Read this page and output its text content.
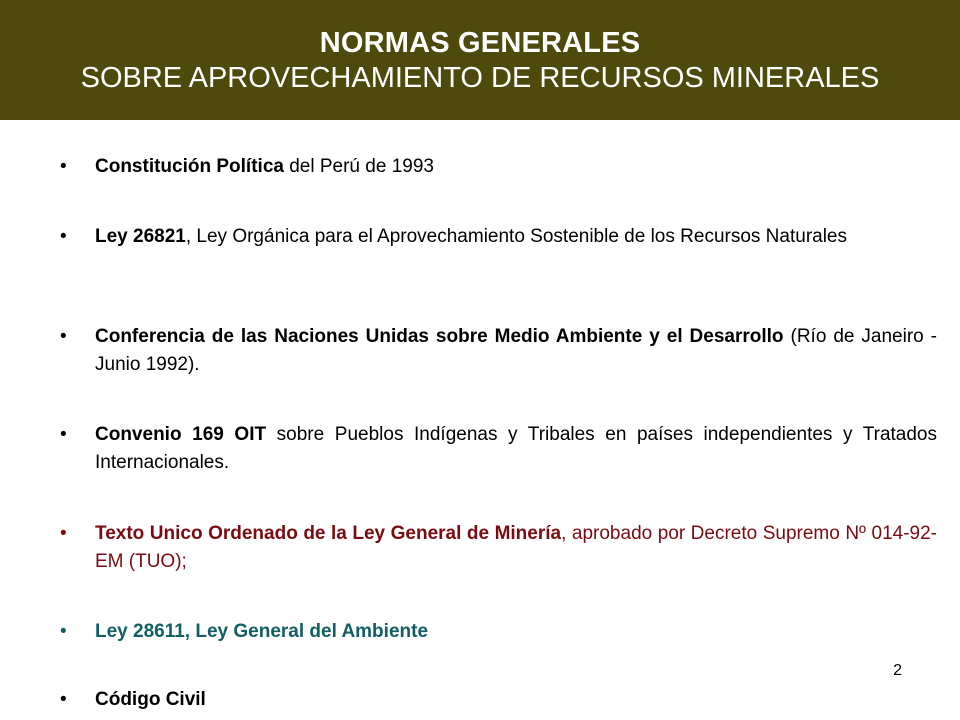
NORMAS GENERALES
SOBRE APROVECHAMIENTO DE RECURSOS MINERALES
•	Constitución Política del Perú de 1993
•	Ley 26821, Ley Orgánica para el Aprovechamiento Sostenible de los Recursos Naturales
•	Conferencia de las Naciones Unidas sobre Medio Ambiente y el Desarrollo (Río de Janeiro - Junio 1992).
•	Convenio 169 OIT sobre Pueblos Indígenas y Tribales en países independientes y Tratados Internacionales.
•	Texto Unico Ordenado de la Ley General de Minería, aprobado por Decreto Supremo Nº 014-92-EM (TUO);
•	Ley 28611, Ley General del Ambiente
•	Código Civil
2
